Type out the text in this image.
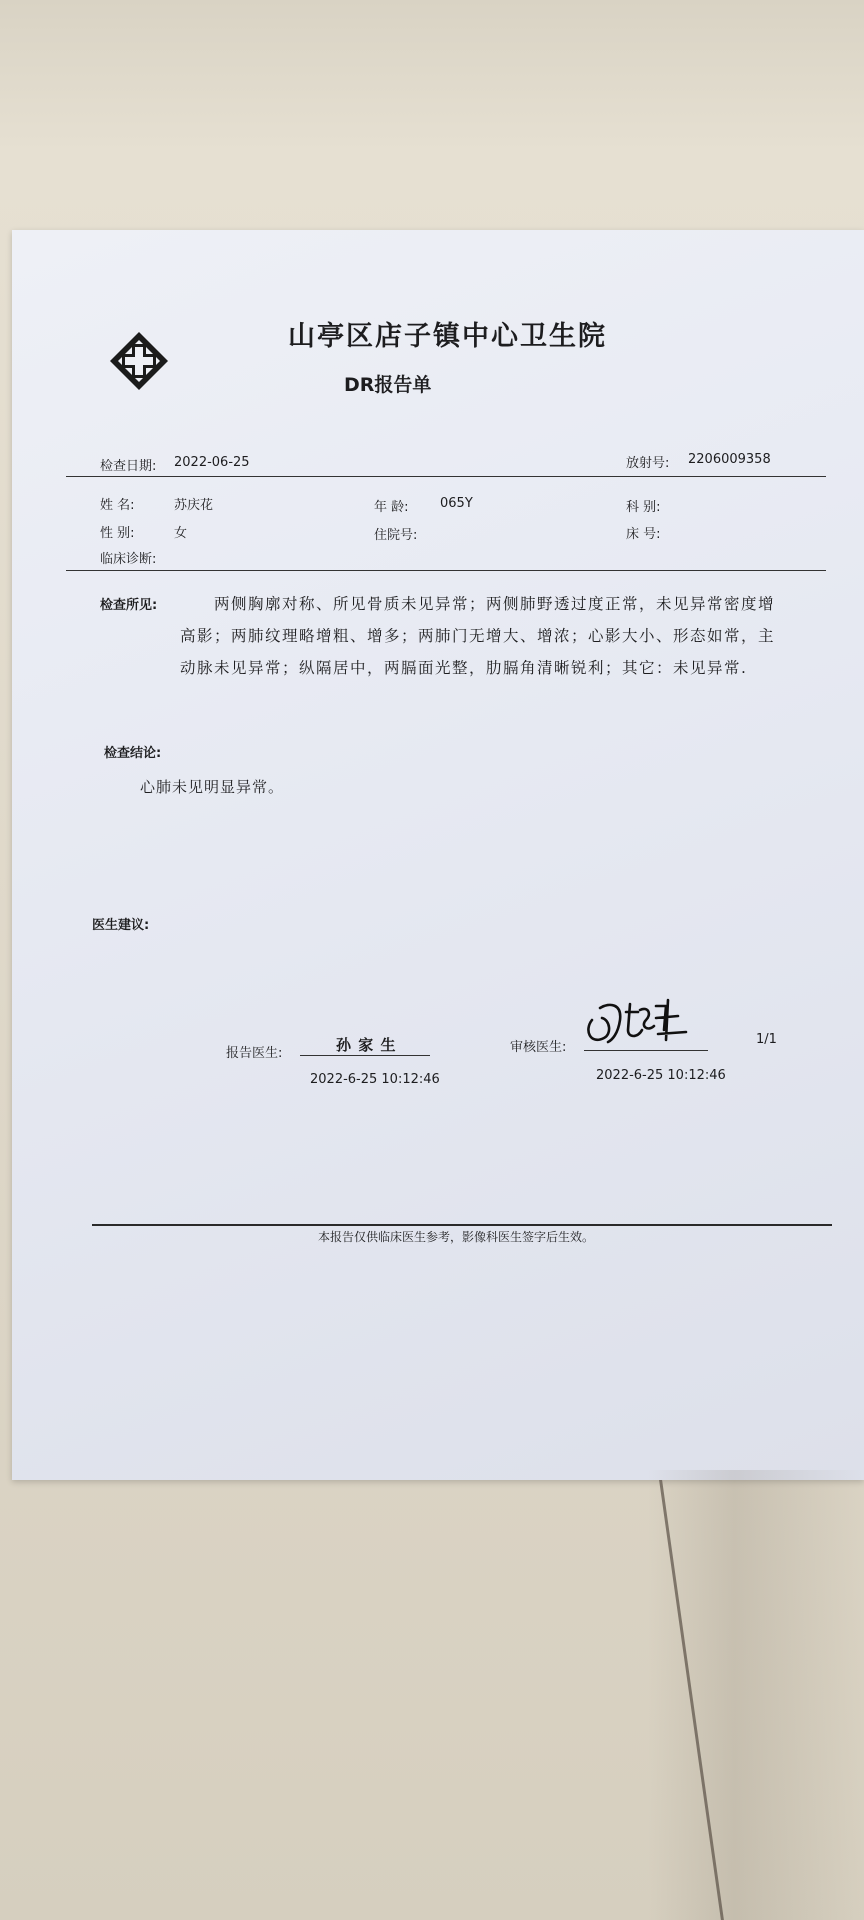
山亭区店子镇中心卫生院
DR报告单
检查日期: 2022-06-25	放射号: 2206009358
姓 名:	苏庆花	年 龄: 065Y	科 别:
性 别:	女	住院号:	床 号:
临床诊断:
检查所见:	两侧胸廓对称、所见骨质未见异常；两侧肺野透过度正常，未见异常密度增高影；两肺纹理略增粗、增多；两肺门无增大、增浓；心影大小、形态如常，主动脉未见异常；纵隔居中，两膈面光整，肋膈角清晰锐利；其它：未见异常.
检查结论:
心肺未见明显异常。
医生建议:
报告医生:	孙 家 生
2022-6-25 10:12:46
审核医生:
2022-6-25 10:12:46
1/1
本报告仅供临床医生参考，影像科医生签字后生效。
